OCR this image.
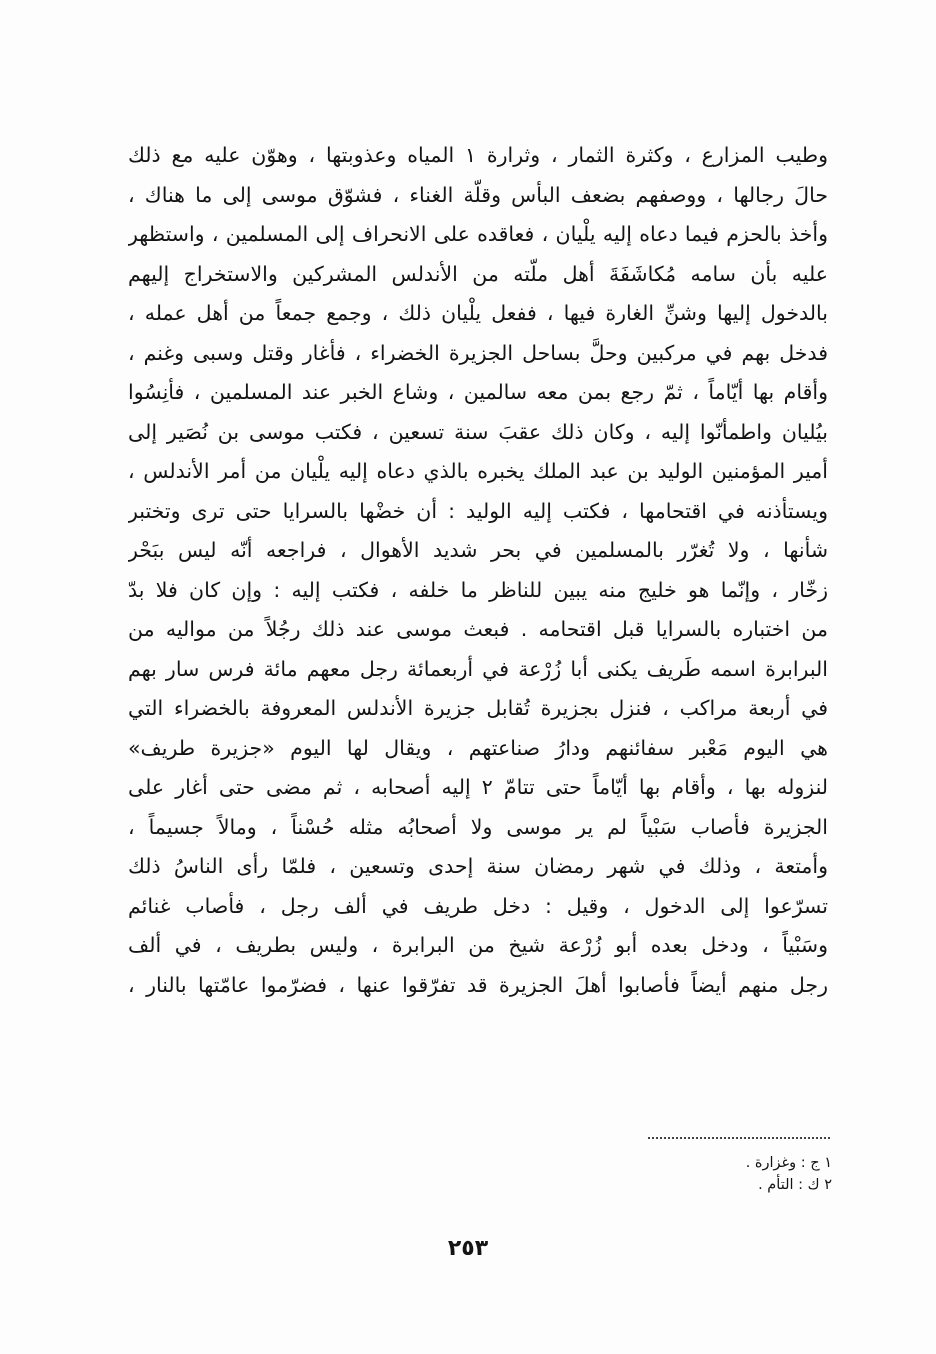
وطيب المزارع ، وكثرة الثمار ، وثرارة ١ المياه وعذوبتها ، وهوّن عليه مع ذلك
حالَ رجالها ، ووصفهم بضعف البأس وقلّة الغناء ، فشوّق موسى إلى ما هناك ،
وأخذ بالحزم فيما دعاه إليه يلْيان ، فعاقده على الانحراف إلى المسلمين ، واستظهر
عليه بأن سامه مُكاشَفَةَ أهل ملّته من الأندلس المشركين والاستخراج إليهم
بالدخول إليها وشنِّ الغارة فيها ، ففعل يلْيان ذلك ، وجمع جمعاً من أهل عمله ،
فدخل بهم في مركبين وحلَّ بساحل الجزيرة الخضراء ، فأغار وقتل وسبى وغنم ،
وأقام بها أيّاماً ، ثمّ رجع بمن معه سالمين ، وشاع الخبر عند المسلمين ، فأنِسُوا
بيُليان واطمأنّوا إليه ، وكان ذلك عقبَ سنة تسعين ، فكتب موسى بن نُصَير إلى
أمير المؤمنين الوليد بن عبد الملك يخبره بالذي دعاه إليه يلْيان من أمر الأندلس ،
ويستأذنه في اقتحامها ، فكتب إليه الوليد : أن خضْها بالسرايا حتى ترى وتختبر
شأنها ، ولا تُغرّر بالمسلمين في بحر شديد الأهوال ، فراجعه أنّه ليس ببَحْر
زخّار ، وإنّما هو خليج منه يبين للناظر ما خلفه ، فكتب إليه : وإن كان فلا بدّ
من اختباره بالسرايا قبل اقتحامه . فبعث موسى عند ذلك رجُلاً من مواليه من
البرابرة اسمه طَريف يكنى أبا زُرْعة في أربعمائة رجل معهم مائة فرس سار بهم
في أربعة مراكب ، فنزل بجزيرة تُقابل جزيرة الأندلس المعروفة بالخضراء التي
هي اليوم مَعْبر سفائنهم ودارُ صناعتهم ، ويقال لها اليوم «جزيرة طريف»
لنزوله بها ، وأقام بها أيّاماً حتى تتامّ ٢ إليه أصحابه ، ثم مضى حتى أغار على
الجزيرة فأصاب سَبْياً لم ير موسى ولا أصحابُه مثله حُسْناً ، ومالاً جسيماً ،
وأمتعة ، وذلك في شهر رمضان سنة إحدى وتسعين ، فلمّا رأى الناسُ ذلك
تسرّعوا إلى الدخول ، وقيل : دخل طريف في ألف رجل ، فأصاب غنائم
وسَبْياً ، ودخل بعده أبو زُرْعة شيخ من البرابرة ، وليس بطريف ، في ألف
رجل منهم أيضاً فأصابوا أهلَ الجزيرة قد تفرّقوا عنها ، فضرّموا عامّتها بالنار ،
١ ج : وغزارة .
٢ ك : التأم .
٢٥٣
